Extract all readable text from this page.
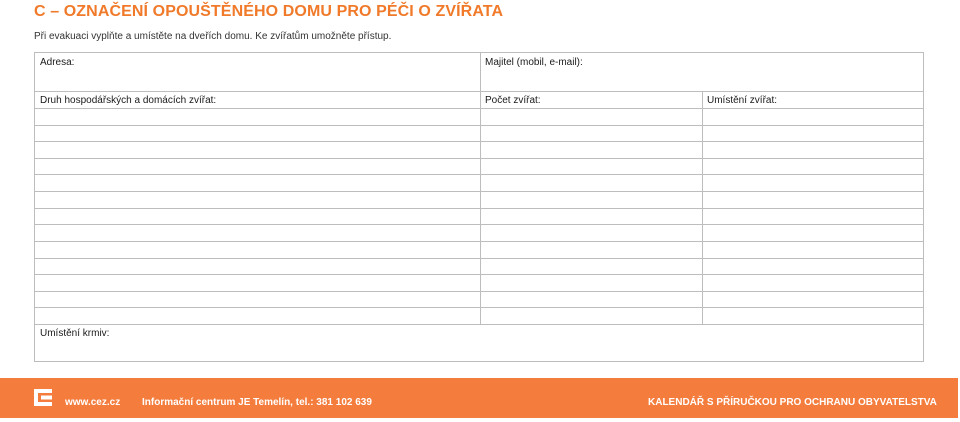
C – OZNAČENÍ OPOUŠTĚNÉHO DOMU PRO PÉČI O ZVÍŘATA
Při evakuaci vyplňte a umístěte na dveřích domu. Ke zvířatům umožněte přístup.
Adresa:	Majitel (mobil, e-mail):
Druh hospodářských a domácích zvířat:	Počet zvířat:	Umístění zvířat:
Umístění krmiv:
www.cez.cz Informační centrum JE Temelín, tel.: 381 102 639	KALENDÁŘ S PŘÍRUČKOU PRO OCHRANU OBYVATELSTVA
